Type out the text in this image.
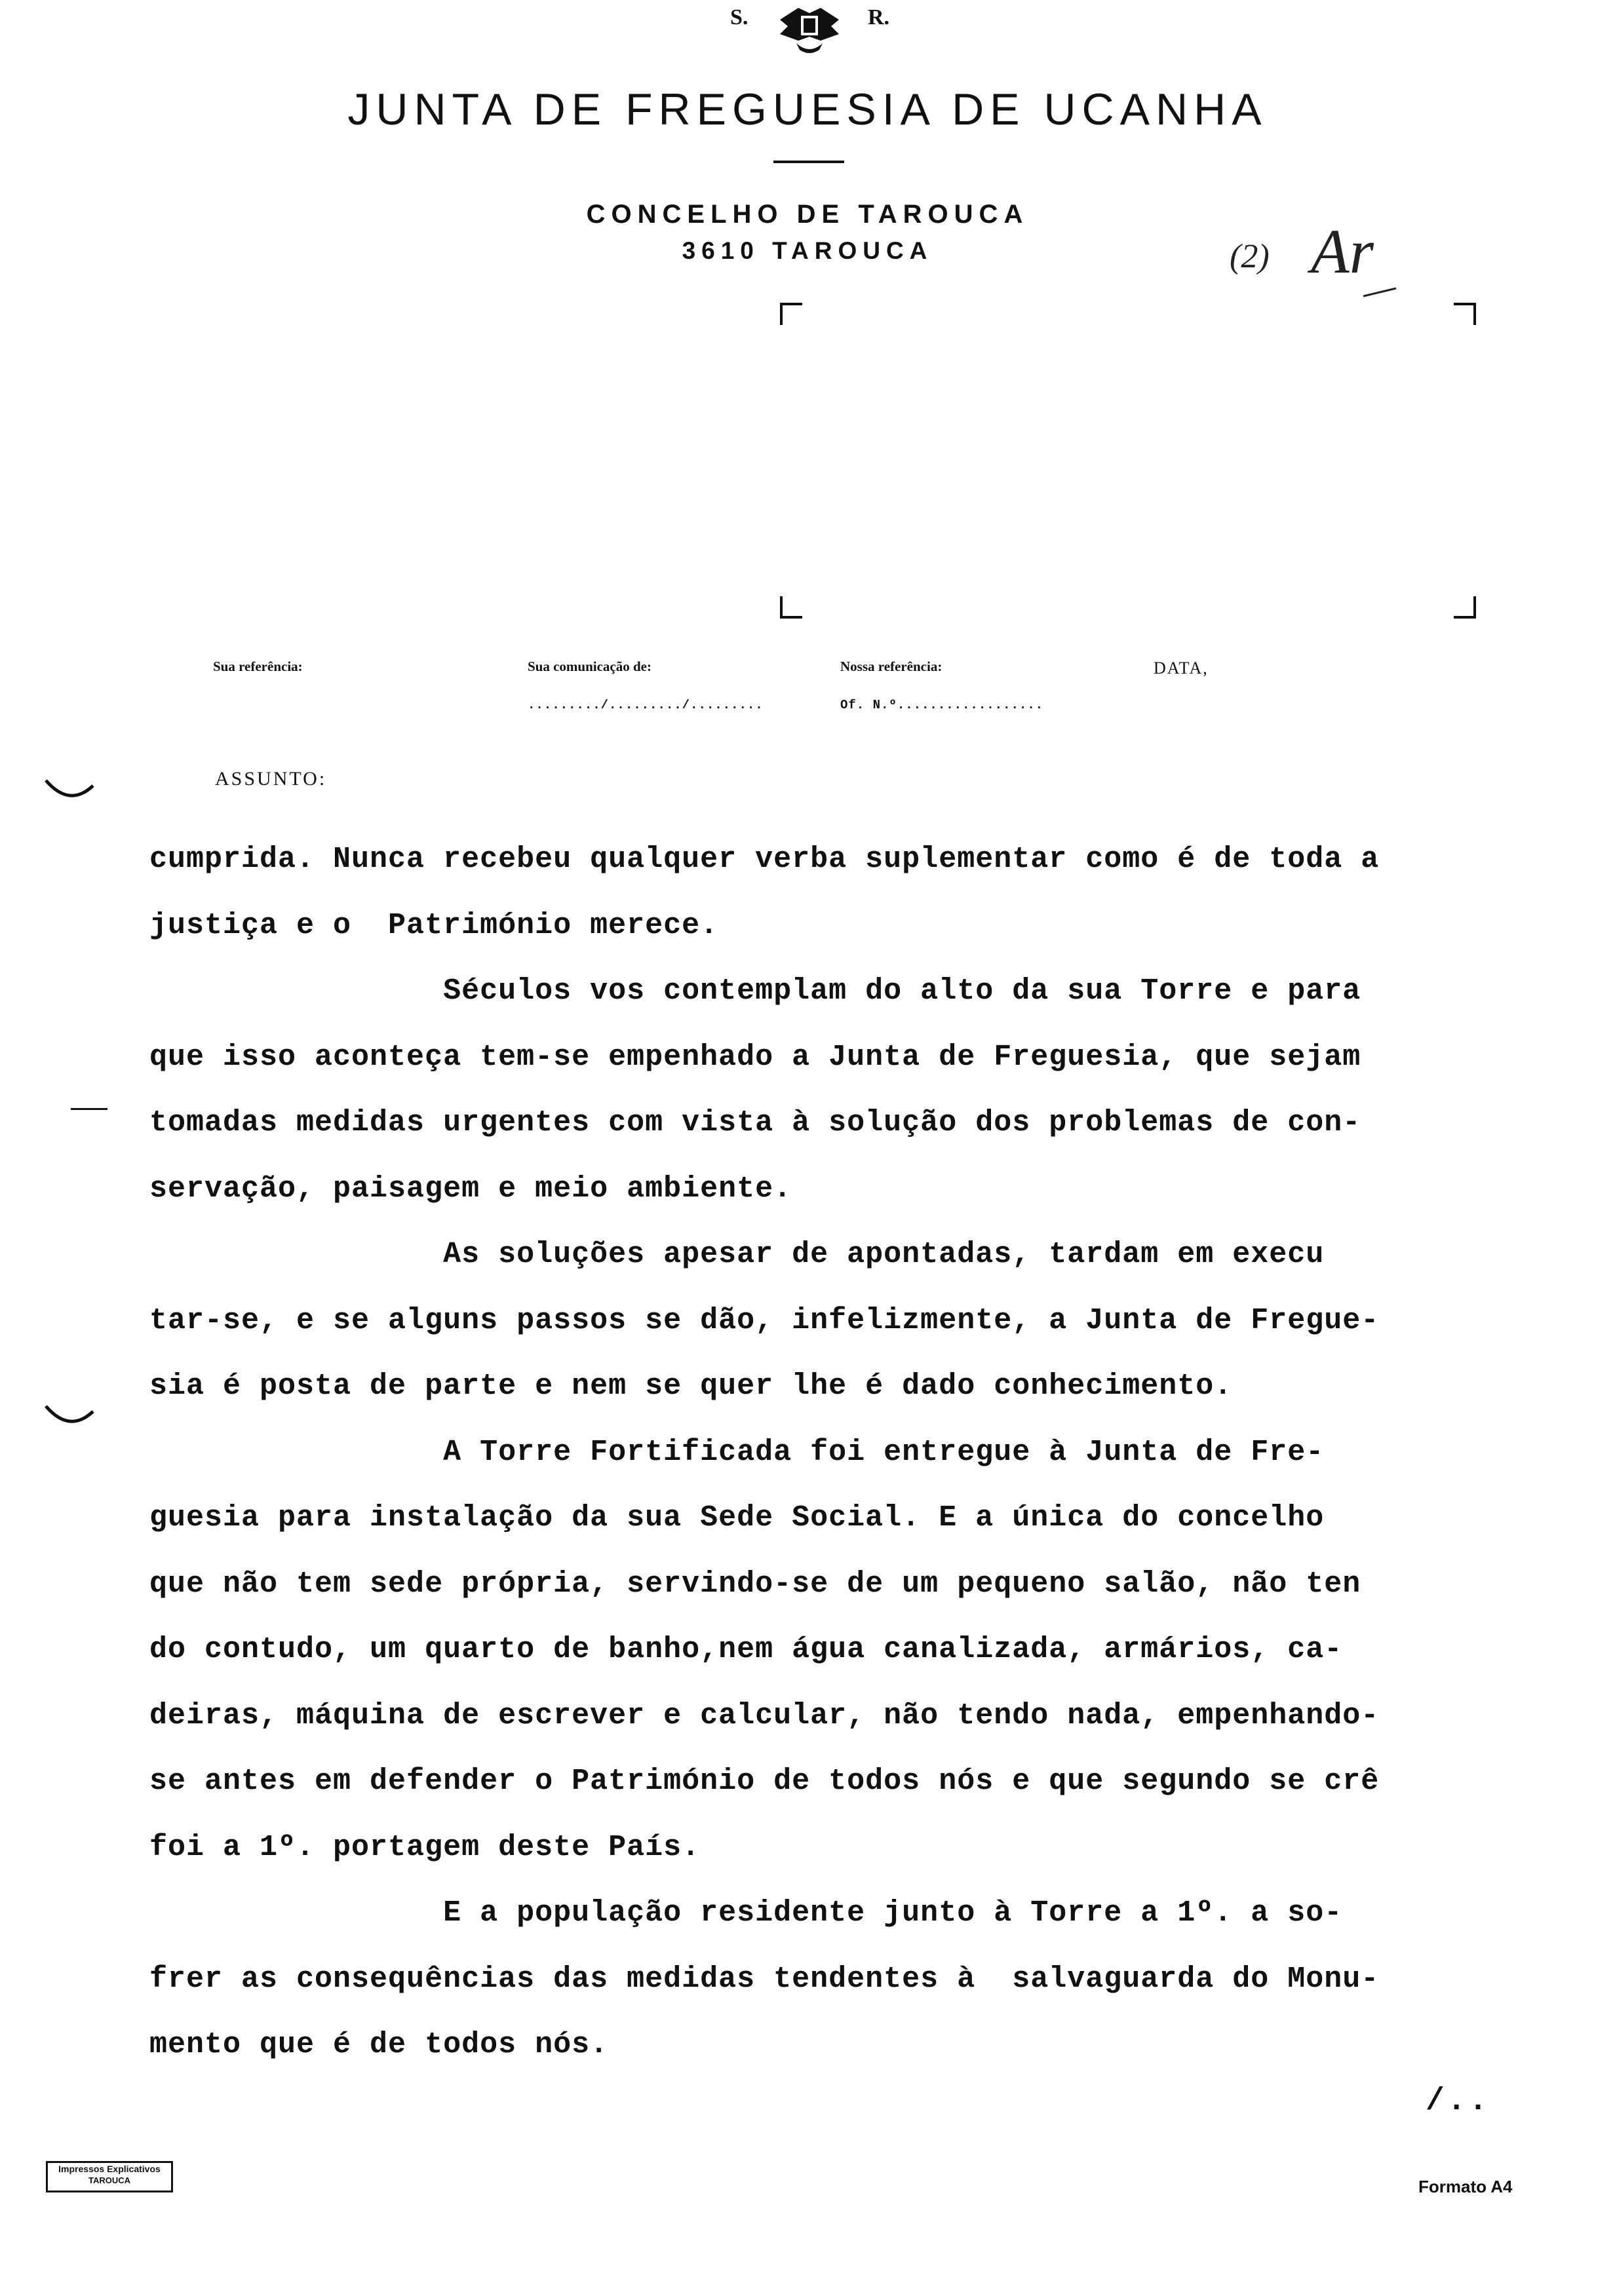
S.	R.
JUNTA DE FREGUESIA DE UCANHA
CONCELHO DE TAROUCA
3610 TAROUCA	(2) Ar
Sua referência:	Sua comunicação de:
........./........./.........
Nossa referência:
Of. N.º..................
DATA,
ASSUNTO:
cumprida. Nunca recebeu qualquer verba suplementar como é de toda a
justiça e o  Património merece.
Séculos vos contemplam do alto da sua Torre e para
que isso aconteça tem-se empenhado a Junta de Freguesia, que sejam
tomadas medidas urgentes com vista à solução dos problemas de con-
servação, paisagem e meio ambiente.
As soluções apesar de apontadas, tardam em execu
tar-se, e se alguns passos se dão, infelizmente, a Junta de Fregue-
sia é posta de parte e nem se quer lhe é dado conhecimento.
A Torre Fortificada foi entregue à Junta de Fre-
guesia para instalação da sua Sede Social. E a única do concelho
que não tem sede própria, servindo-se de um pequeno salão, não ten
do contudo, um quarto de banho,nem água canalizada, armários, ca-
deiras, máquina de escrever e calcular, não tendo nada, empenhando-
se antes em defender o Património de todos nós e que segundo se crê
foi a 1º. portagem deste País.
E a população residente junto à Torre a 1º. a so-
frer as consequências das medidas tendentes à  salvaguarda do Monu-
mento que é de todos nós.
/..
Impressos Explicativos
TAROUCA	Formato A4
